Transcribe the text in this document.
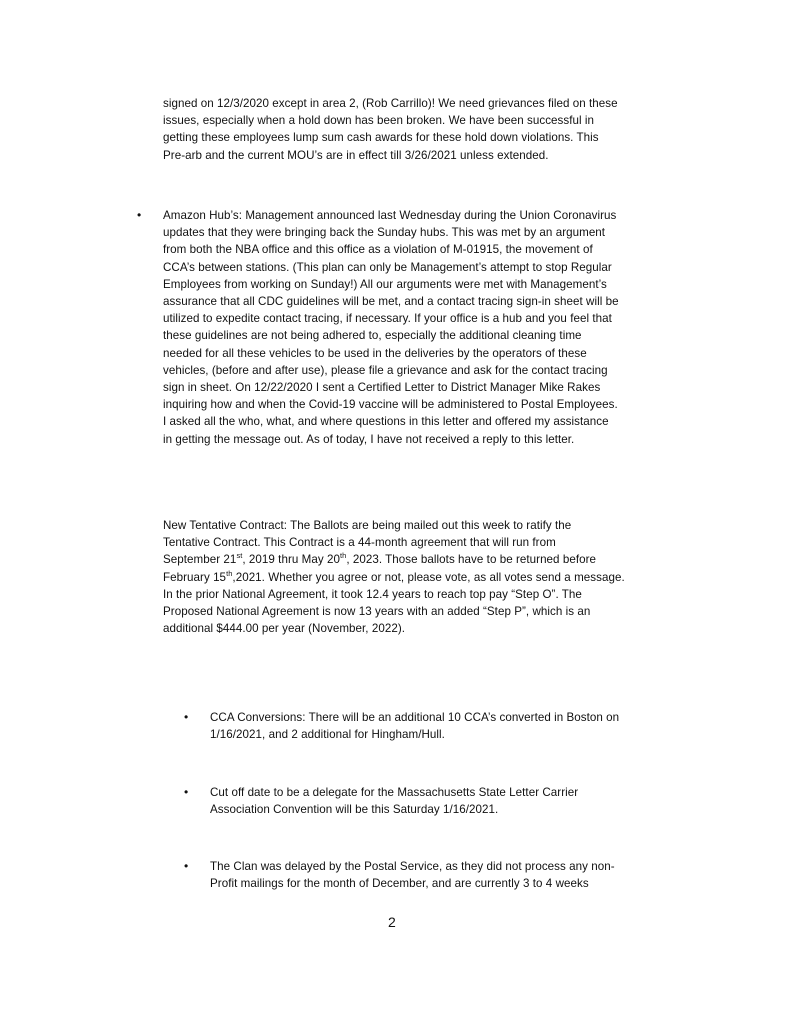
signed on 12/3/2020 except in area 2, (Rob Carrillo)! We need grievances filed on these
issues, especially when a hold down has been broken. We have been successful in
getting these employees lump sum cash awards for these hold down violations. This
Pre-arb and the current MOU’s are in effect till 3/26/2021 unless extended.

• Amazon Hub’s: Management announced last Wednesday during the Union Coronavirus
updates that they were bringing back the Sunday hubs. This was met by an argument
from both the NBA office and this office as a violation of M-01915, the movement of
CCA’s between stations. (This plan can only be Management’s attempt to stop Regular
Employees from working on Sunday!) All our arguments were met with Management’s
assurance that all CDC guidelines will be met, and a contact tracing sign-in sheet will be
utilized to expedite contact tracing, if necessary. If your office is a hub and you feel that
these guidelines are not being adhered to, especially the additional cleaning time
needed for all these vehicles to be used in the deliveries by the operators of these
vehicles, (before and after use), please file a grievance and ask for the contact tracing
sign in sheet. On 12/22/2020 I sent a Certified Letter to District Manager Mike Rakes
inquiring how and when the Covid-19 vaccine will be administered to Postal Employees.
I asked all the who, what, and where questions in this letter and offered my assistance
in getting the message out. As of today, I have not received a reply to this letter.

New Tentative Contract: The Ballots are being mailed out this week to ratify the
Tentative Contract. This Contract is a 44-month agreement that will run from
September 21st, 2019 thru May 20th, 2023. Those ballots have to be returned before
February 15th,2021. Whether you agree or not, please vote, as all votes send a message.
In the prior National Agreement, it took 12.4 years to reach top pay “Step O”. The
Proposed National Agreement is now 13 years with an added “Step P”, which is an
additional $444.00 per year (November, 2022).

• CCA Conversions: There will be an additional 10 CCA’s converted in Boston on
1/16/2021, and 2 additional for Hingham/Hull.

• Cut off date to be a delegate for the Massachusetts State Letter Carrier
Association Convention will be this Saturday 1/16/2021.

• The Clan was delayed by the Postal Service, as they did not process any non-
Profit mailings for the month of December, and are currently 3 to 4 weeks

2
